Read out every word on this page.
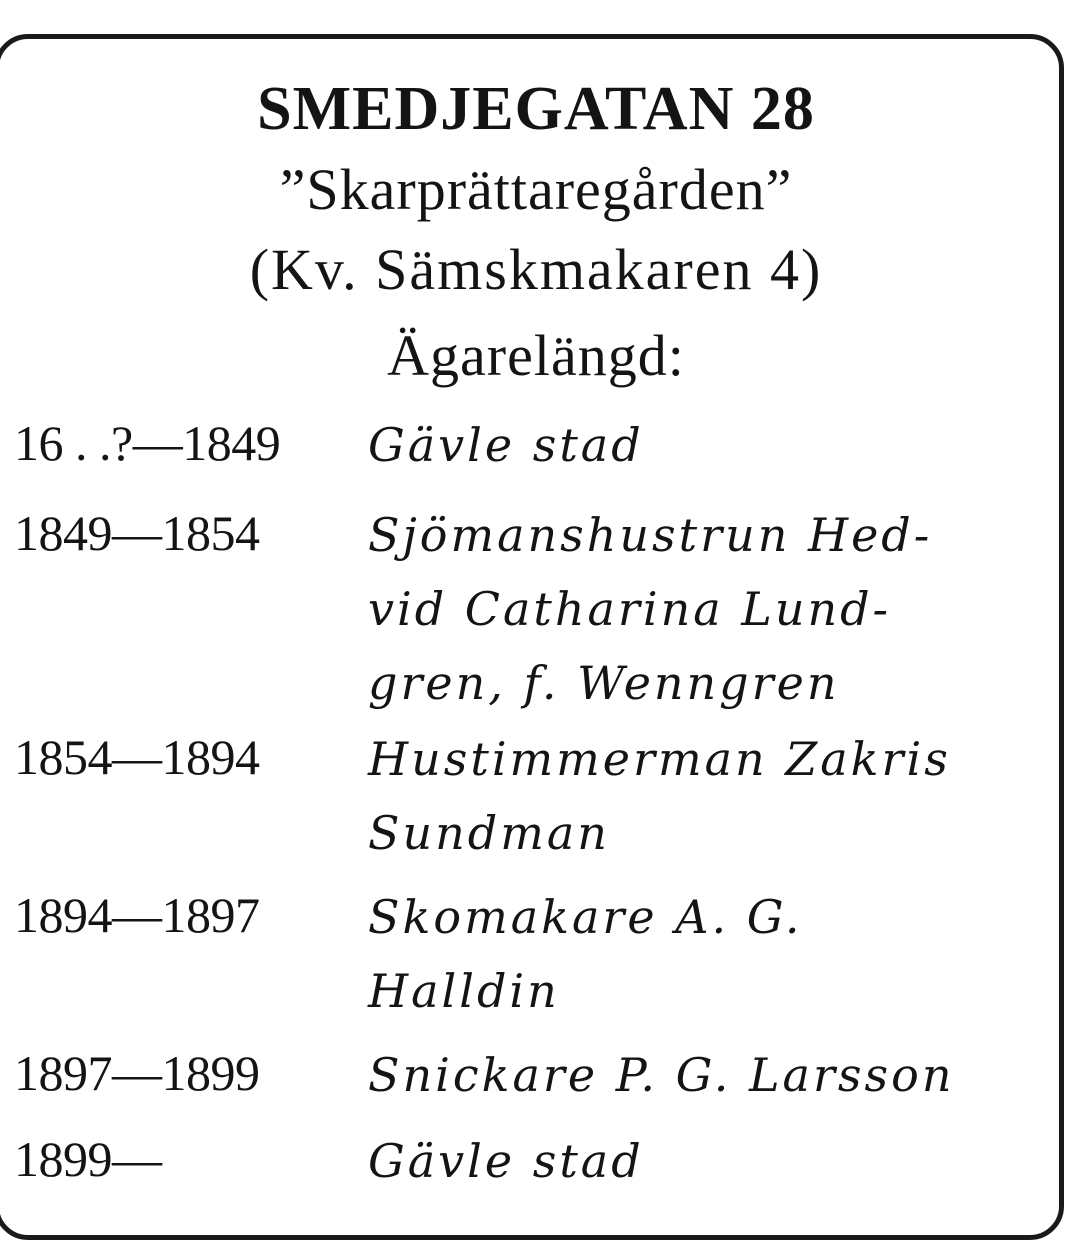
SMEDJEGATAN 28
”Skarprättaregården”
(Kv. Sämskmakaren 4)
Ägarelängd:
16 . .?—1849 Gävle stad
1849—1854 Sjömanshustrun Hed-
vid Catharina Lund-
gren, f. Wenngren
1854—1894 Hustimmerman Zakris
Sundman
1894—1897 Skomakare A. G.
Halldin
1897—1899 Snickare P. G. Larsson
1899—	Gävle stad
